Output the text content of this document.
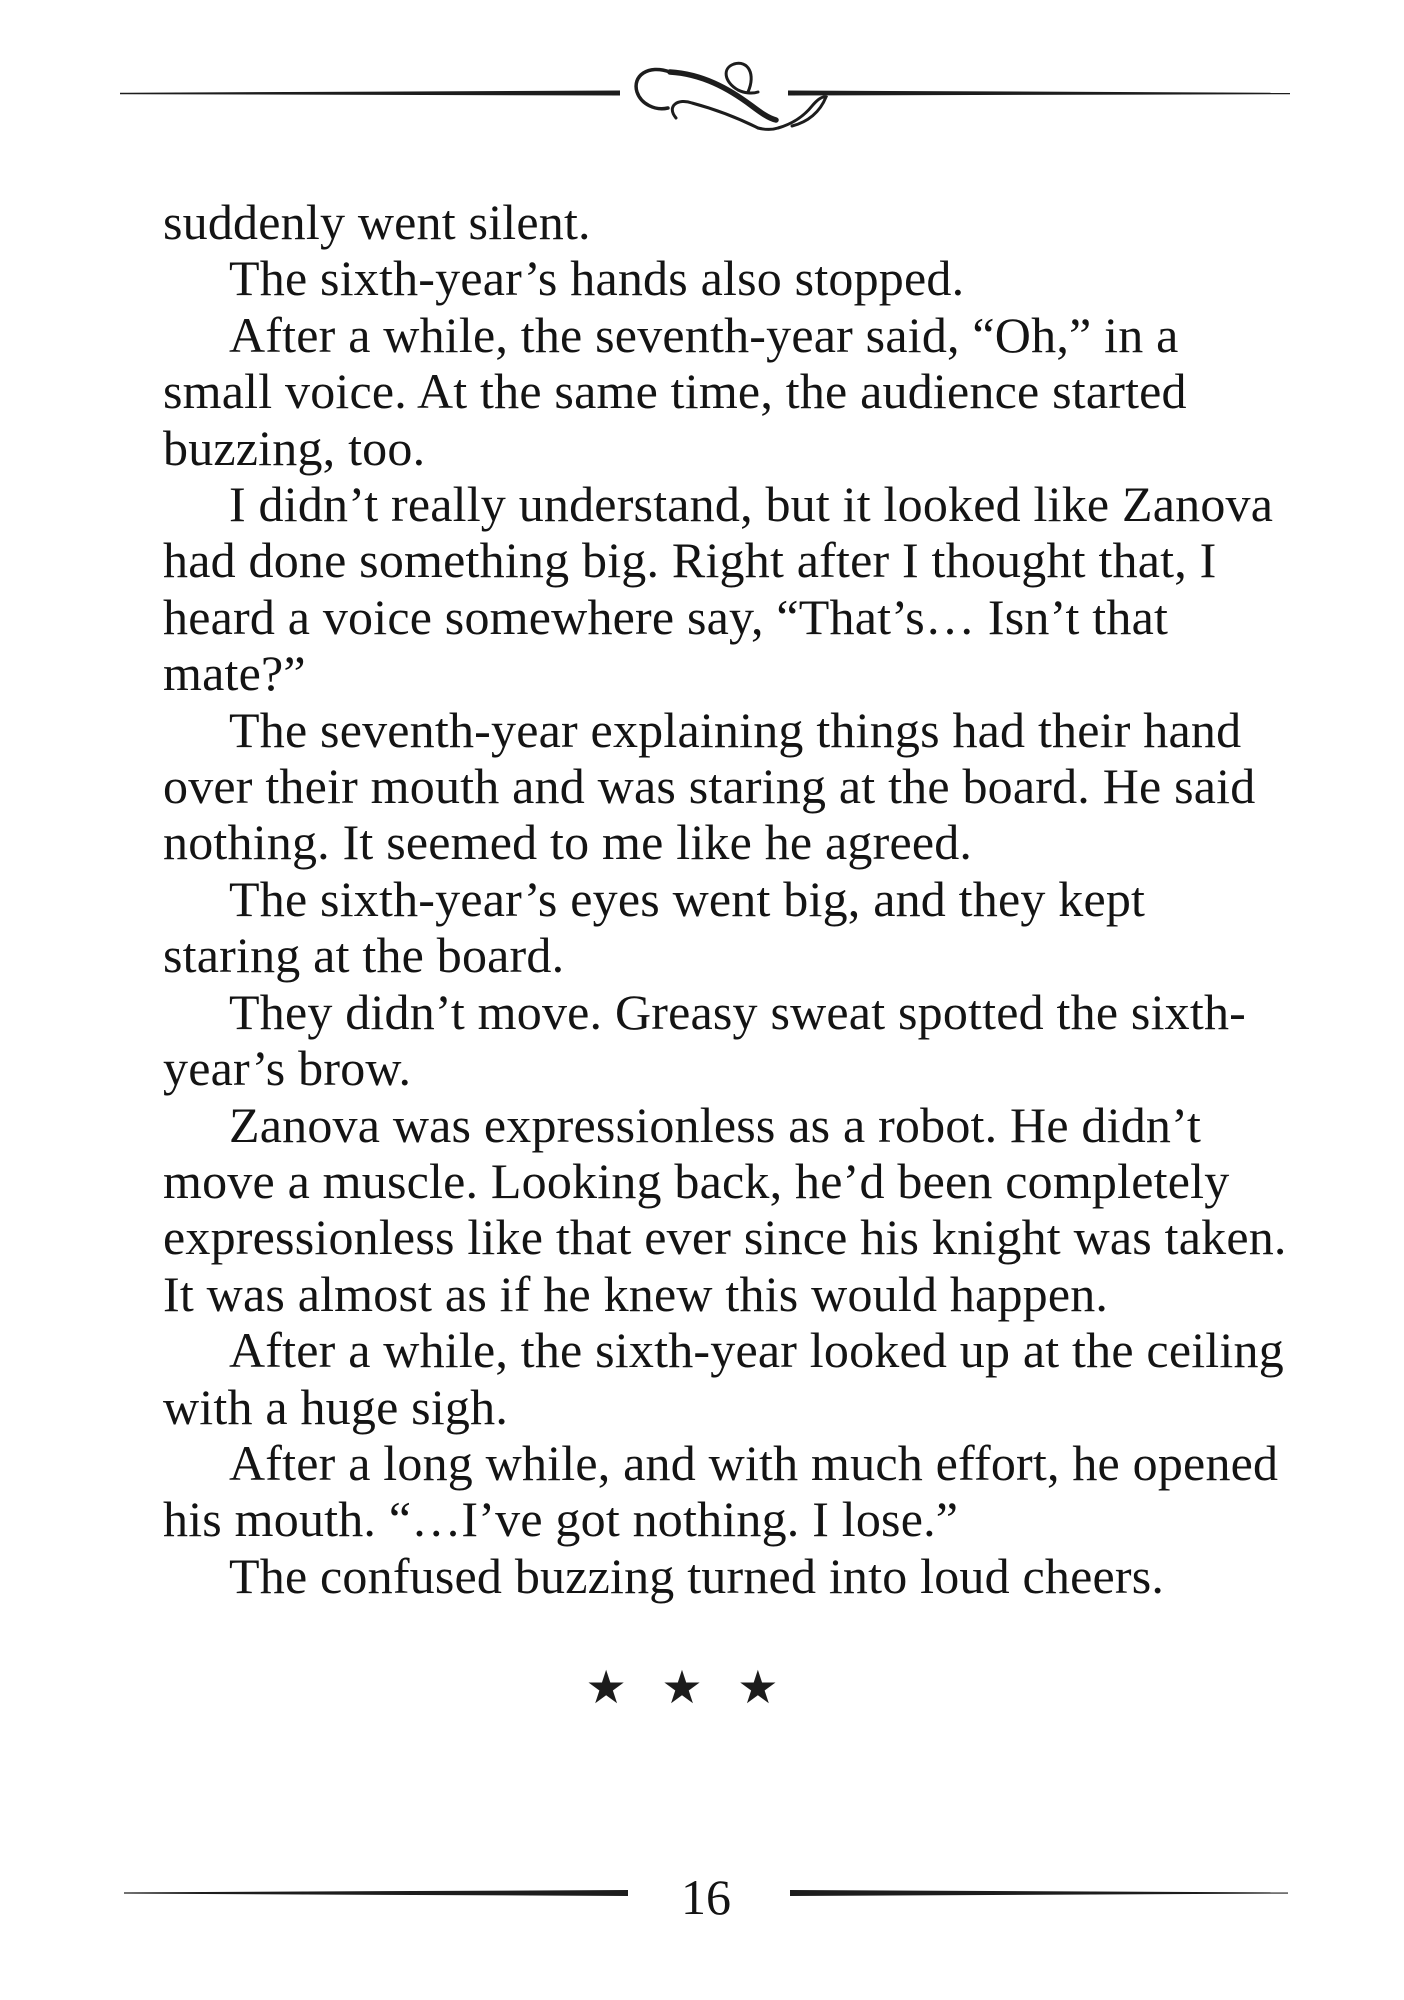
suddenly went silent.
The sixth-year’s hands also stopped.
After a while, the seventh-year said, “Oh,” in a
small voice. At the same time, the audience started
buzzing, too.
I didn’t really understand, but it looked like Zanova
had done something big. Right after I thought that, I
heard a voice somewhere say, “That’s… Isn’t that
mate?”
The seventh-year explaining things had their hand
over their mouth and was staring at the board. He said
nothing. It seemed to me like he agreed.
The sixth-year’s eyes went big, and they kept
staring at the board.
They didn’t move. Greasy sweat spotted the sixth-
year’s brow.
Zanova was expressionless as a robot. He didn’t
move a muscle. Looking back, he’d been completely
expressionless like that ever since his knight was taken.
It was almost as if he knew this would happen.
After a while, the sixth-year looked up at the ceiling
with a huge sigh.
After a long while, and with much effort, he opened
his mouth. “…I’ve got nothing. I lose.”
The confused buzzing turned into loud cheers.
★ ★ ★
16
